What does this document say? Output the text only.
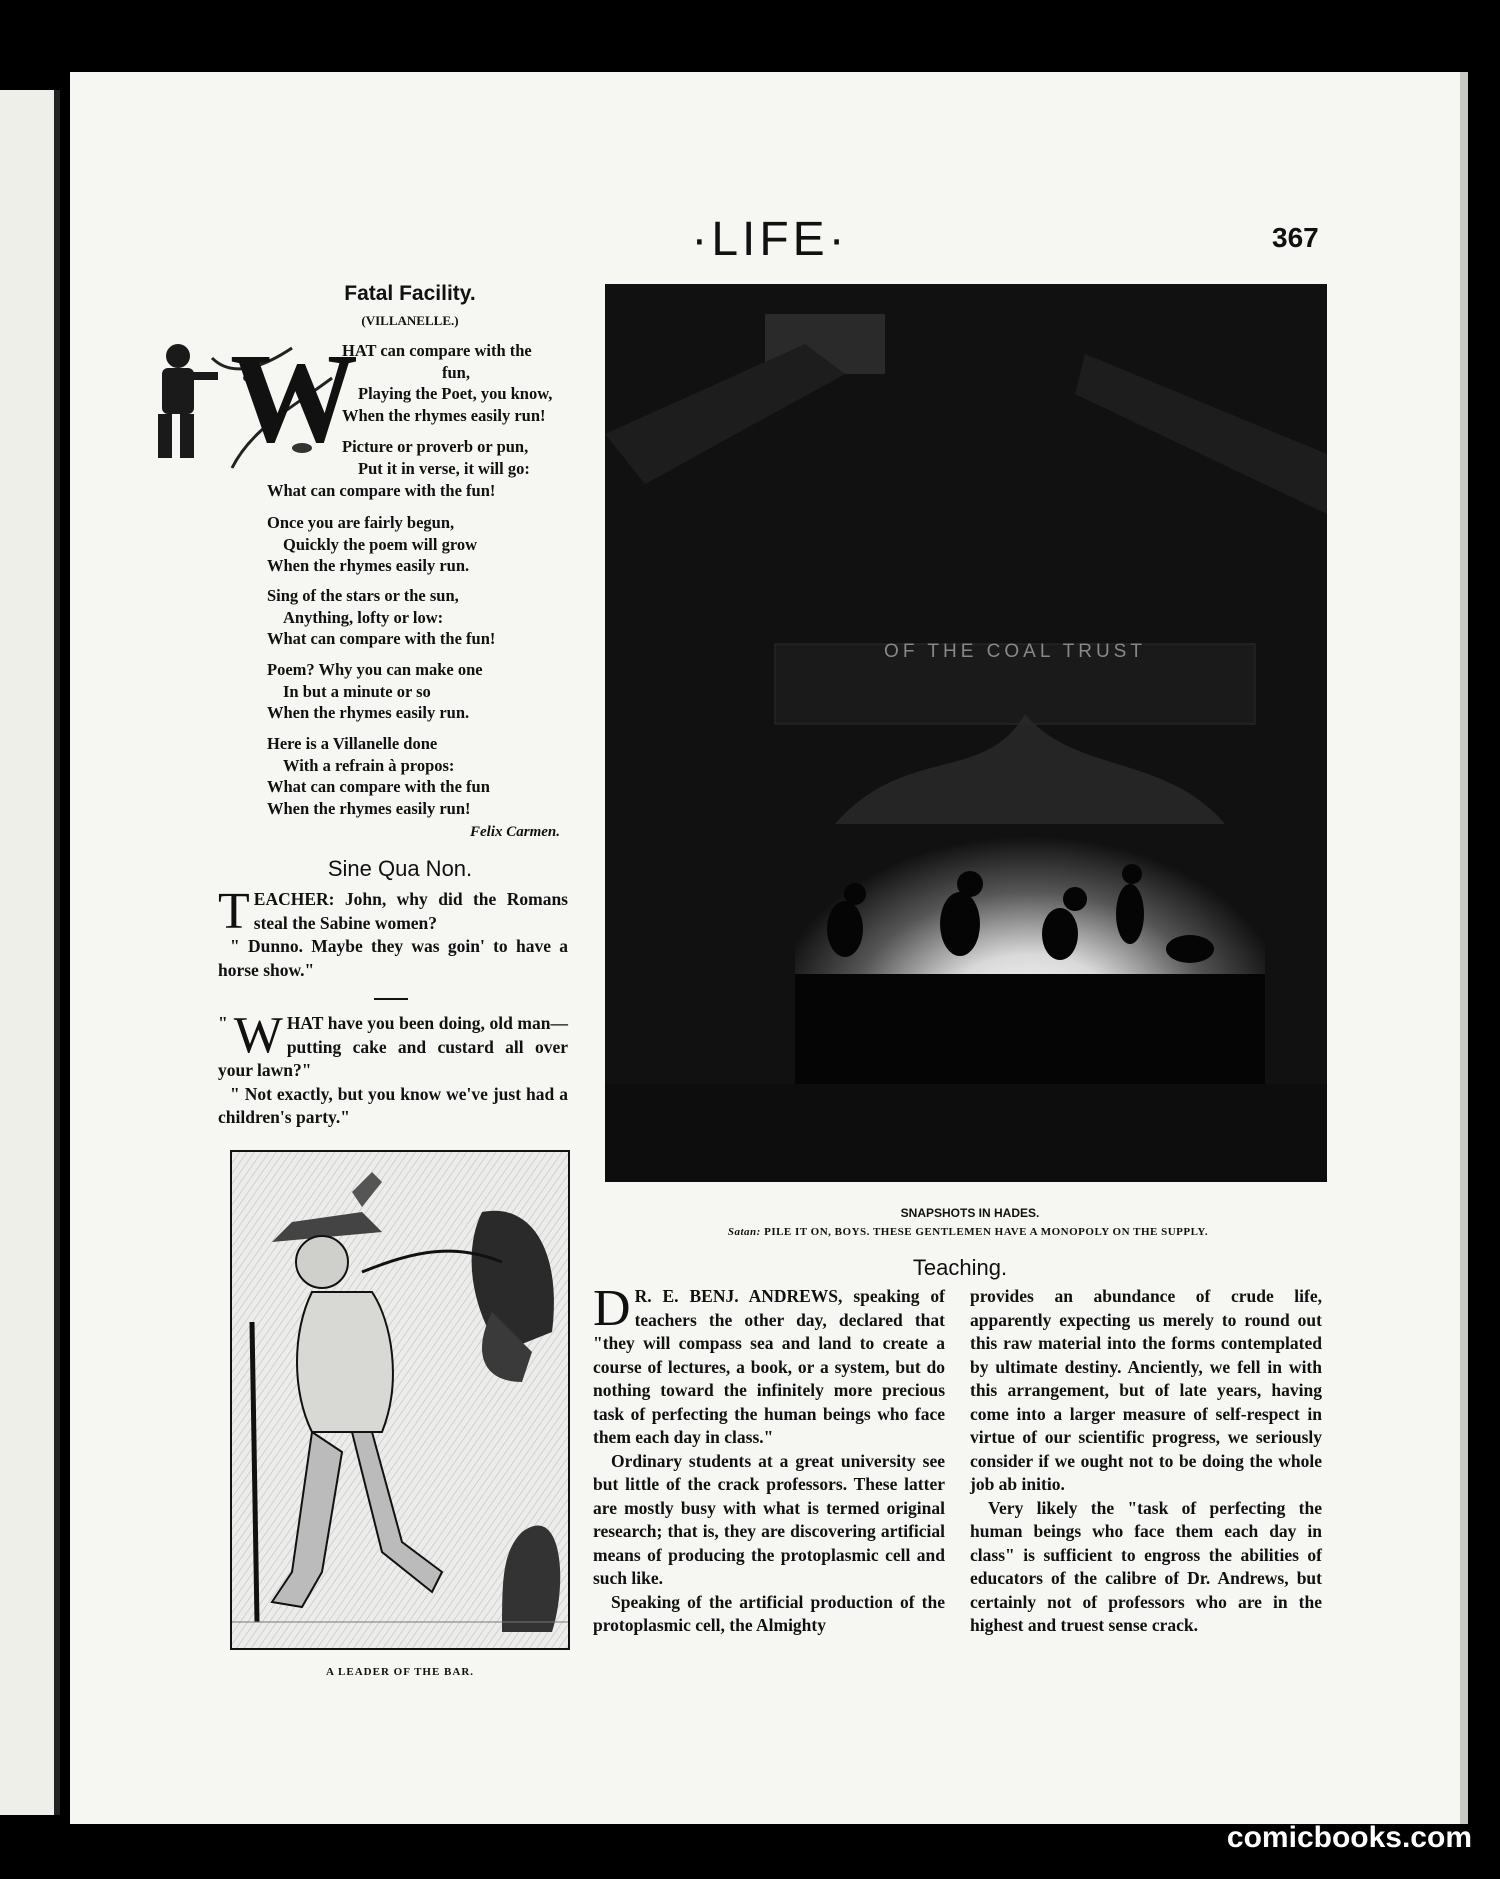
·LIFE·	367
Fatal Facility.
(VILLANELLE.)
W
HAT can compare with the
fun,
Playing the Poet, you know,
When the rhymes easily run!
Picture or proverb or pun,
Put it in verse, it will go:
What can compare with the fun!
Once you are fairly begun,
Quickly the poem will grow
When the rhymes easily run.
Sing of the stars or the sun,
Anything, lofty or low:
What can compare with the fun!
Poem? Why you can make one
In but a minute or so
When the rhymes easily run.
Here is a Villanelle done
With a refrain à propos:
What can compare with the fun
When the rhymes easily run!
Felix Carmen.
Sine Qua Non.

TEACHER: John, why did the Romans steal the Sabine women?

" Dunno. Maybe they was goin' to have a horse show."

" W HAT have you been doing, old man—putting cake and custard all over your lawn?"

" Not exactly, but you know we've just had a children's party."

A LEADER OF THE BAR.
OF THE COAL TRUST
SNAPSHOTS IN HADES.
Satan: PILE IT ON, BOYS. THESE GENTLEMEN HAVE A MONOPOLY ON THE SUPPLY.
Teaching.

D R. E. BENJ. ANDREWS, speaking of teachers the other day, declared that "they will compass sea and land to create a course of lectures, a book, or a system, but do nothing toward the infinitely more precious task of perfecting the human beings who face them each day in class."

Ordinary students at a great university see but little of the crack professors. These latter are mostly busy with what is termed original research; that is, they are discovering artificial means of producing the protoplasmic cell and such like.

Speaking of the artificial production of the protoplasmic cell, the Almighty

provides an abundance of crude life, apparently expecting us merely to round out this raw material into the forms contemplated by ultimate destiny. Anciently, we fell in with this arrangement, but of late years, having come into a larger measure of self-respect in virtue of our scientific progress, we seriously consider if we ought not to be doing the whole job ab initio.

Very likely the "task of perfecting the human beings who face them each day in class" is sufficient to engross the abilities of educators of the calibre of Dr. Andrews, but certainly not of professors who are in the highest and truest sense crack.

comicbooks.com
